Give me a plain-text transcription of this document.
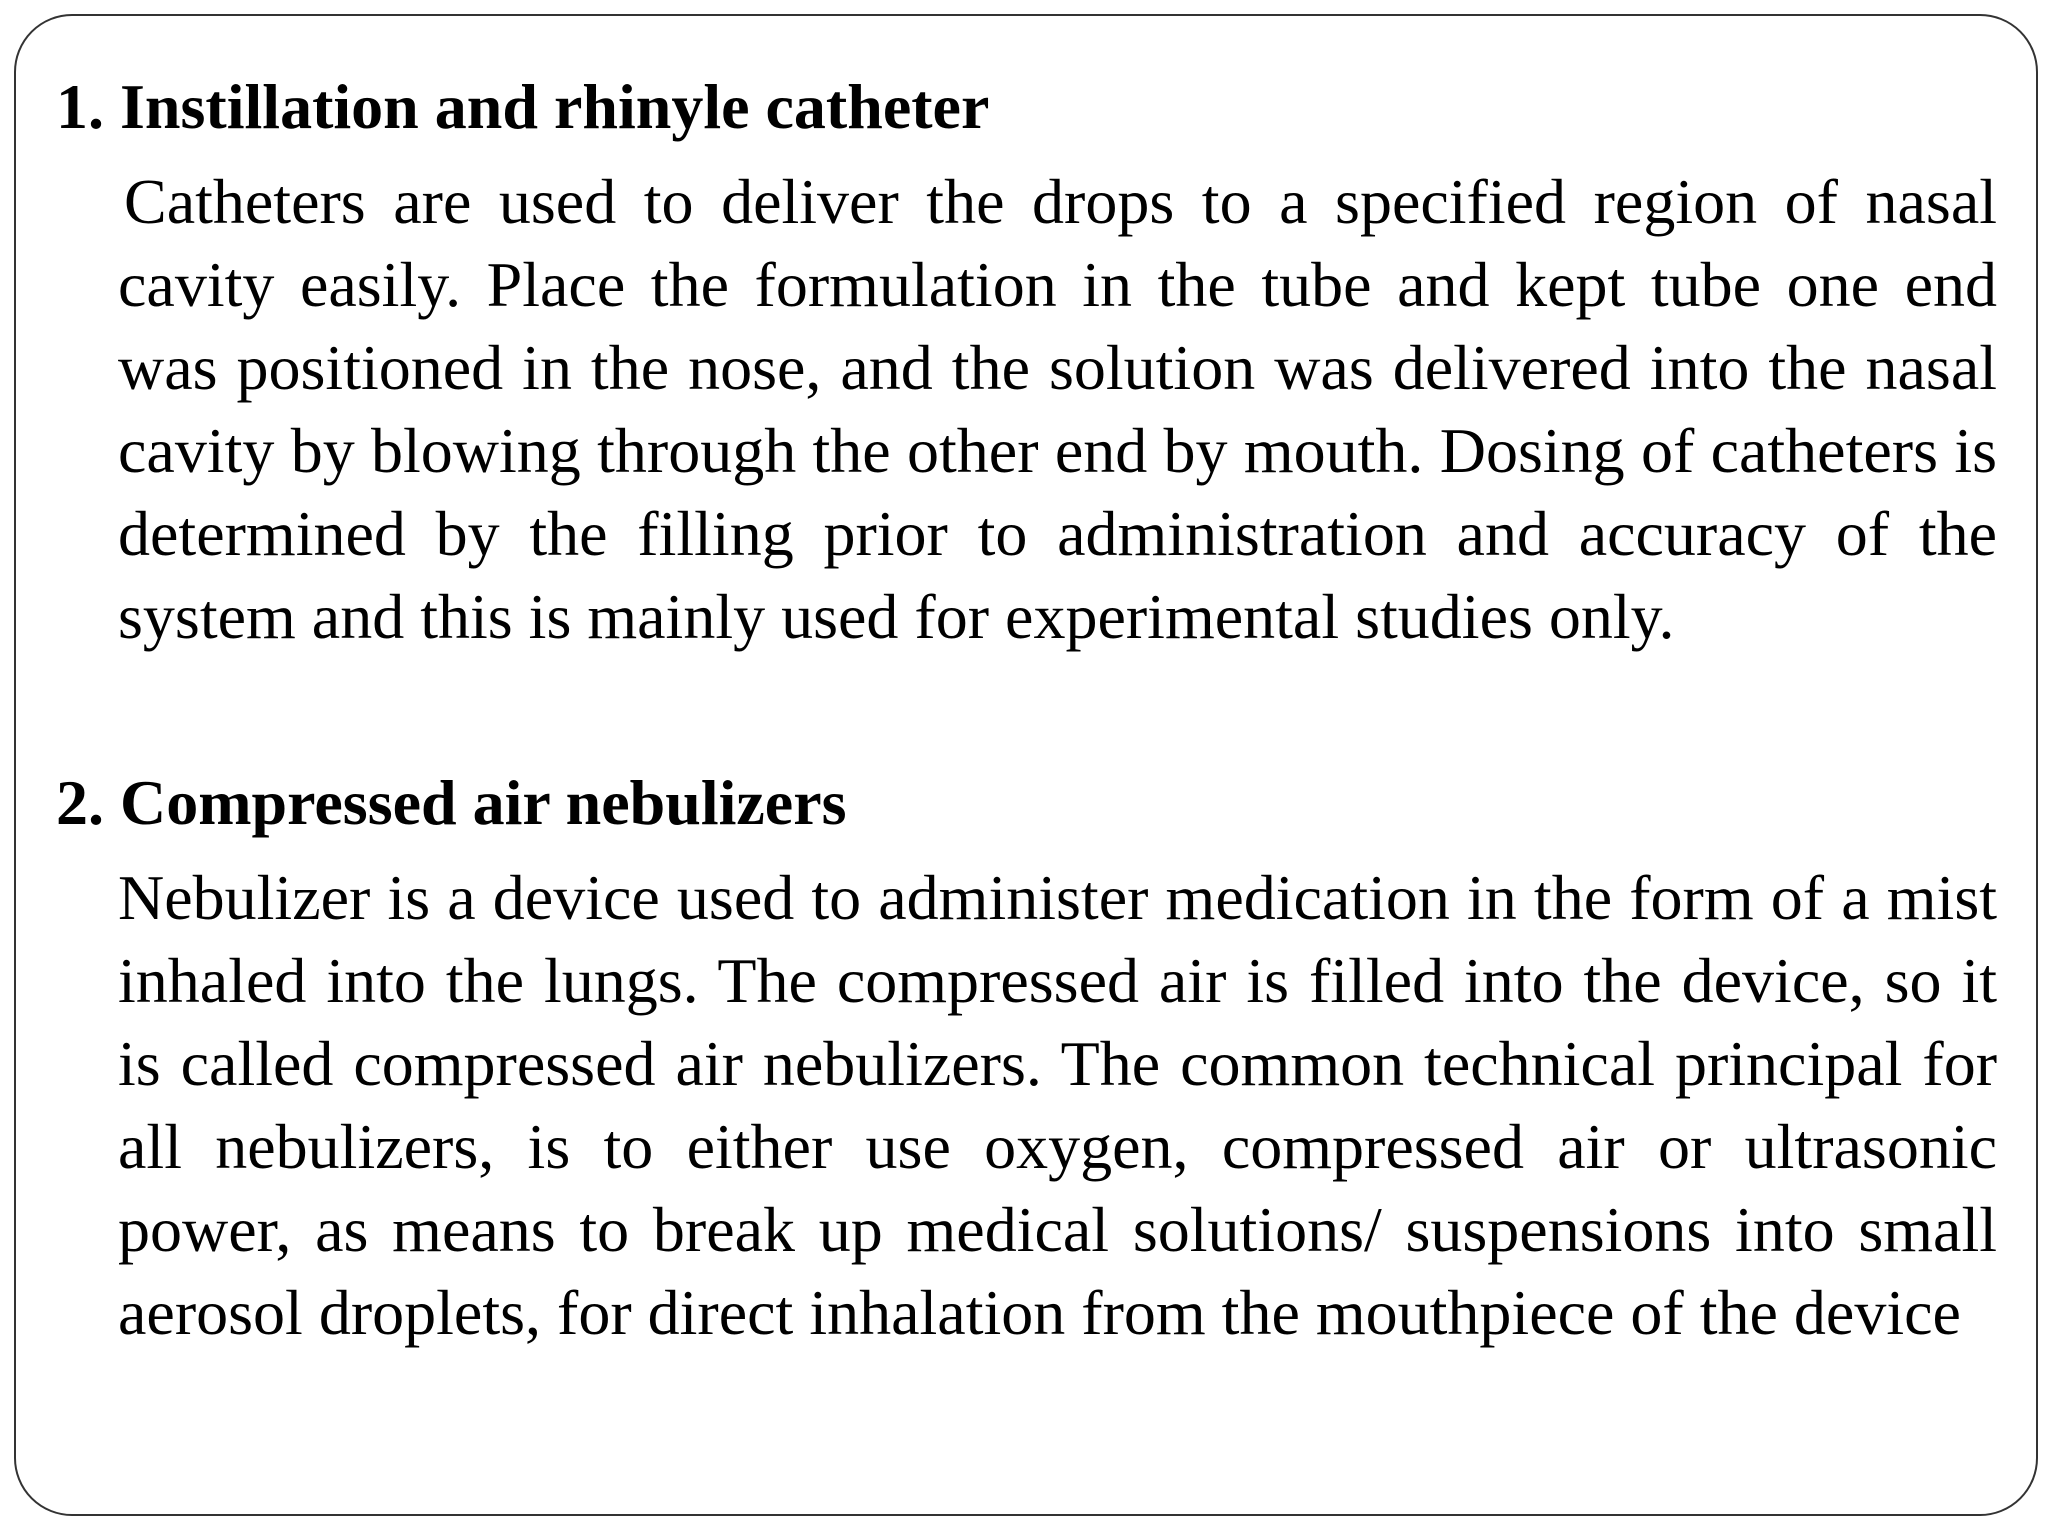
1. Instillation and rhinyle catheter
Catheters are used to deliver the drops to a specified region of nasal cavity easily. Place the formulation in the tube and kept tube one end was positioned in the nose, and the solution was delivered into the nasal cavity by blowing through the other end by mouth. Dosing of catheters is determined by the filling prior to administration and accuracy of the system and this is mainly used for experimental studies only.
2. Compressed air nebulizers
Nebulizer is a device used to administer medication in the form of a mist inhaled into the lungs. The compressed air is filled into the device, so it is called compressed air nebulizers. The common technical principal for all nebulizers, is to either use oxygen, compressed air or ultrasonic power, as means to break up medical solutions/ suspensions into small aerosol droplets, for direct inhalation from the mouthpiece of the device
